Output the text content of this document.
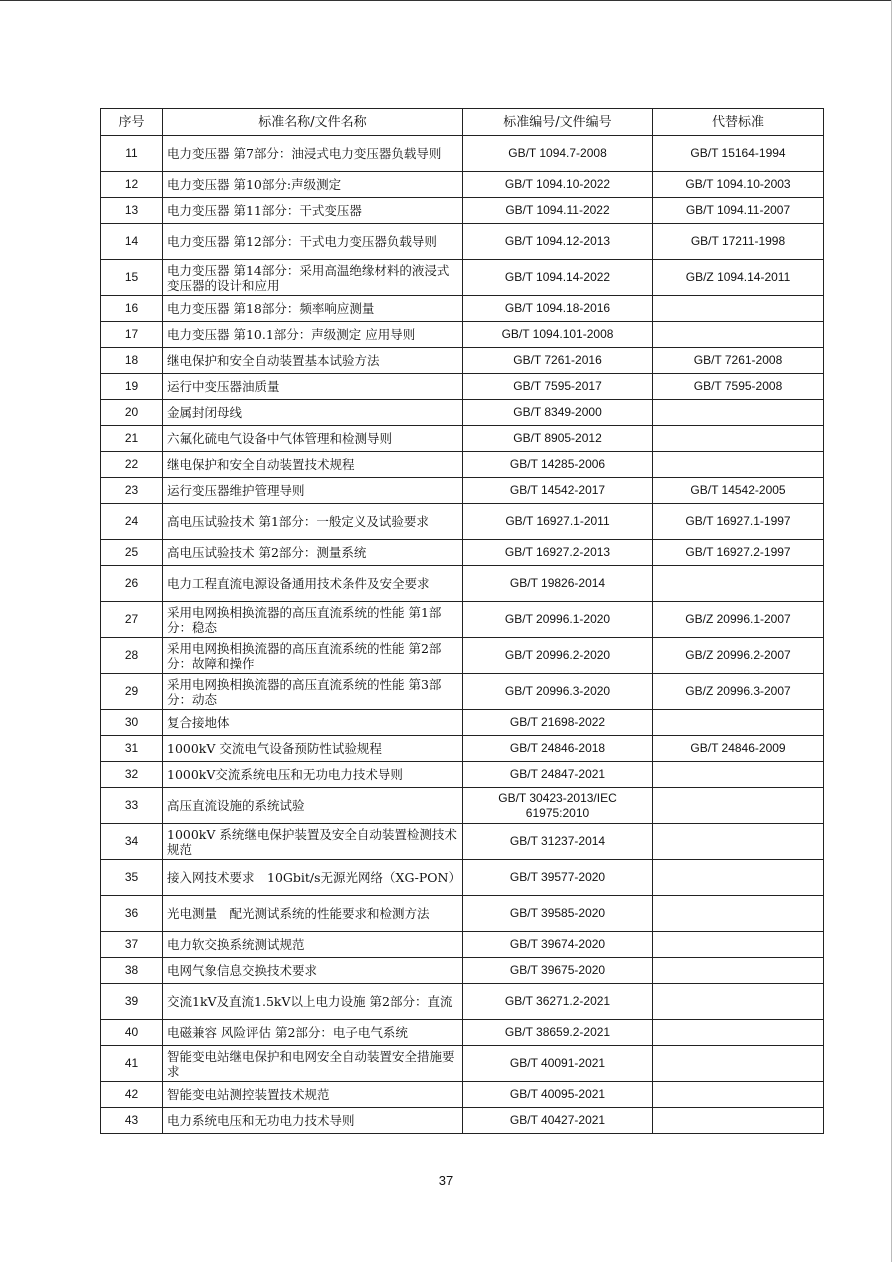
序号	标准名称/文件名称	标准编号/文件编号	代替标准
11	电力变压器 第7部分：油浸式电力变压器负载导则	GB/T 1094.7-2008	GB/T 15164-1994
12	电力变压器 第10部分:声级测定	GB/T 1094.10-2022	GB/T 1094.10-2003
13	电力变压器 第11部分：干式变压器	GB/T 1094.11-2022	GB/T 1094.11-2007
14	电力变压器 第12部分：干式电力变压器负载导则	GB/T 1094.12-2013	GB/T 17211-1998
15	电力变压器 第14部分：采用高温绝缘材料的液浸式变压器的设计和应用	GB/T 1094.14-2022	GB/Z 1094.14-2011
16	电力变压器 第18部分：频率响应测量	GB/T 1094.18-2016	
17	电力变压器 第10.1部分：声级测定 应用导则	GB/T 1094.101-2008	
18	继电保护和安全自动装置基本试验方法	GB/T 7261-2016	GB/T 7261-2008
19	运行中变压器油质量	GB/T 7595-2017	GB/T 7595-2008
20	金属封闭母线	GB/T 8349-2000	
21	六氟化硫电气设备中气体管理和检测导则	GB/T 8905-2012	
22	继电保护和安全自动装置技术规程	GB/T 14285-2006	
23	运行变压器维护管理导则	GB/T 14542-2017	GB/T 14542-2005
24	高电压试验技术 第1部分：一般定义及试验要求	GB/T 16927.1-2011	GB/T 16927.1-1997
25	高电压试验技术 第2部分：测量系统	GB/T 16927.2-2013	GB/T 16927.2-1997
26	电力工程直流电源设备通用技术条件及安全要求	GB/T 19826-2014	
27	采用电网换相换流器的高压直流系统的性能 第1部分：稳态	GB/T 20996.1-2020	GB/Z 20996.1-2007
28	采用电网换相换流器的高压直流系统的性能 第2部分：故障和操作	GB/T 20996.2-2020	GB/Z 20996.2-2007
29	采用电网换相换流器的高压直流系统的性能 第3部分：动态	GB/T 20996.3-2020	GB/Z 20996.3-2007
30	复合接地体	GB/T 21698-2022	
31	1000kV 交流电气设备预防性试验规程	GB/T 24846-2018	GB/T 24846-2009
32	1000kV交流系统电压和无功电力技术导则	GB/T 24847-2021	
33	高压直流设施的系统试验	GB/T 30423-2013/IEC 61975:2010	
34	1000kV 系统继电保护装置及安全自动装置检测技术规范	GB/T 31237-2014	
35	接入网技术要求　10Gbit/s无源光网络（XG-PON）	GB/T 39577-2020	
36	光电测量　配光测试系统的性能要求和检测方法	GB/T 39585-2020	
37	电力软交换系统测试规范	GB/T 39674-2020	
38	电网气象信息交换技术要求	GB/T 39675-2020	
39	交流1kV及直流1.5kV以上电力设施 第2部分：直流	GB/T 36271.2-2021	
40	电磁兼容 风险评估 第2部分：电子电气系统	GB/T 38659.2-2021	
41	智能变电站继电保护和电网安全自动装置安全措施要求	GB/T 40091-2021	
42	智能变电站测控装置技术规范	GB/T 40095-2021	
43	电力系统电压和无功电力技术导则	GB/T 40427-2021	
37
